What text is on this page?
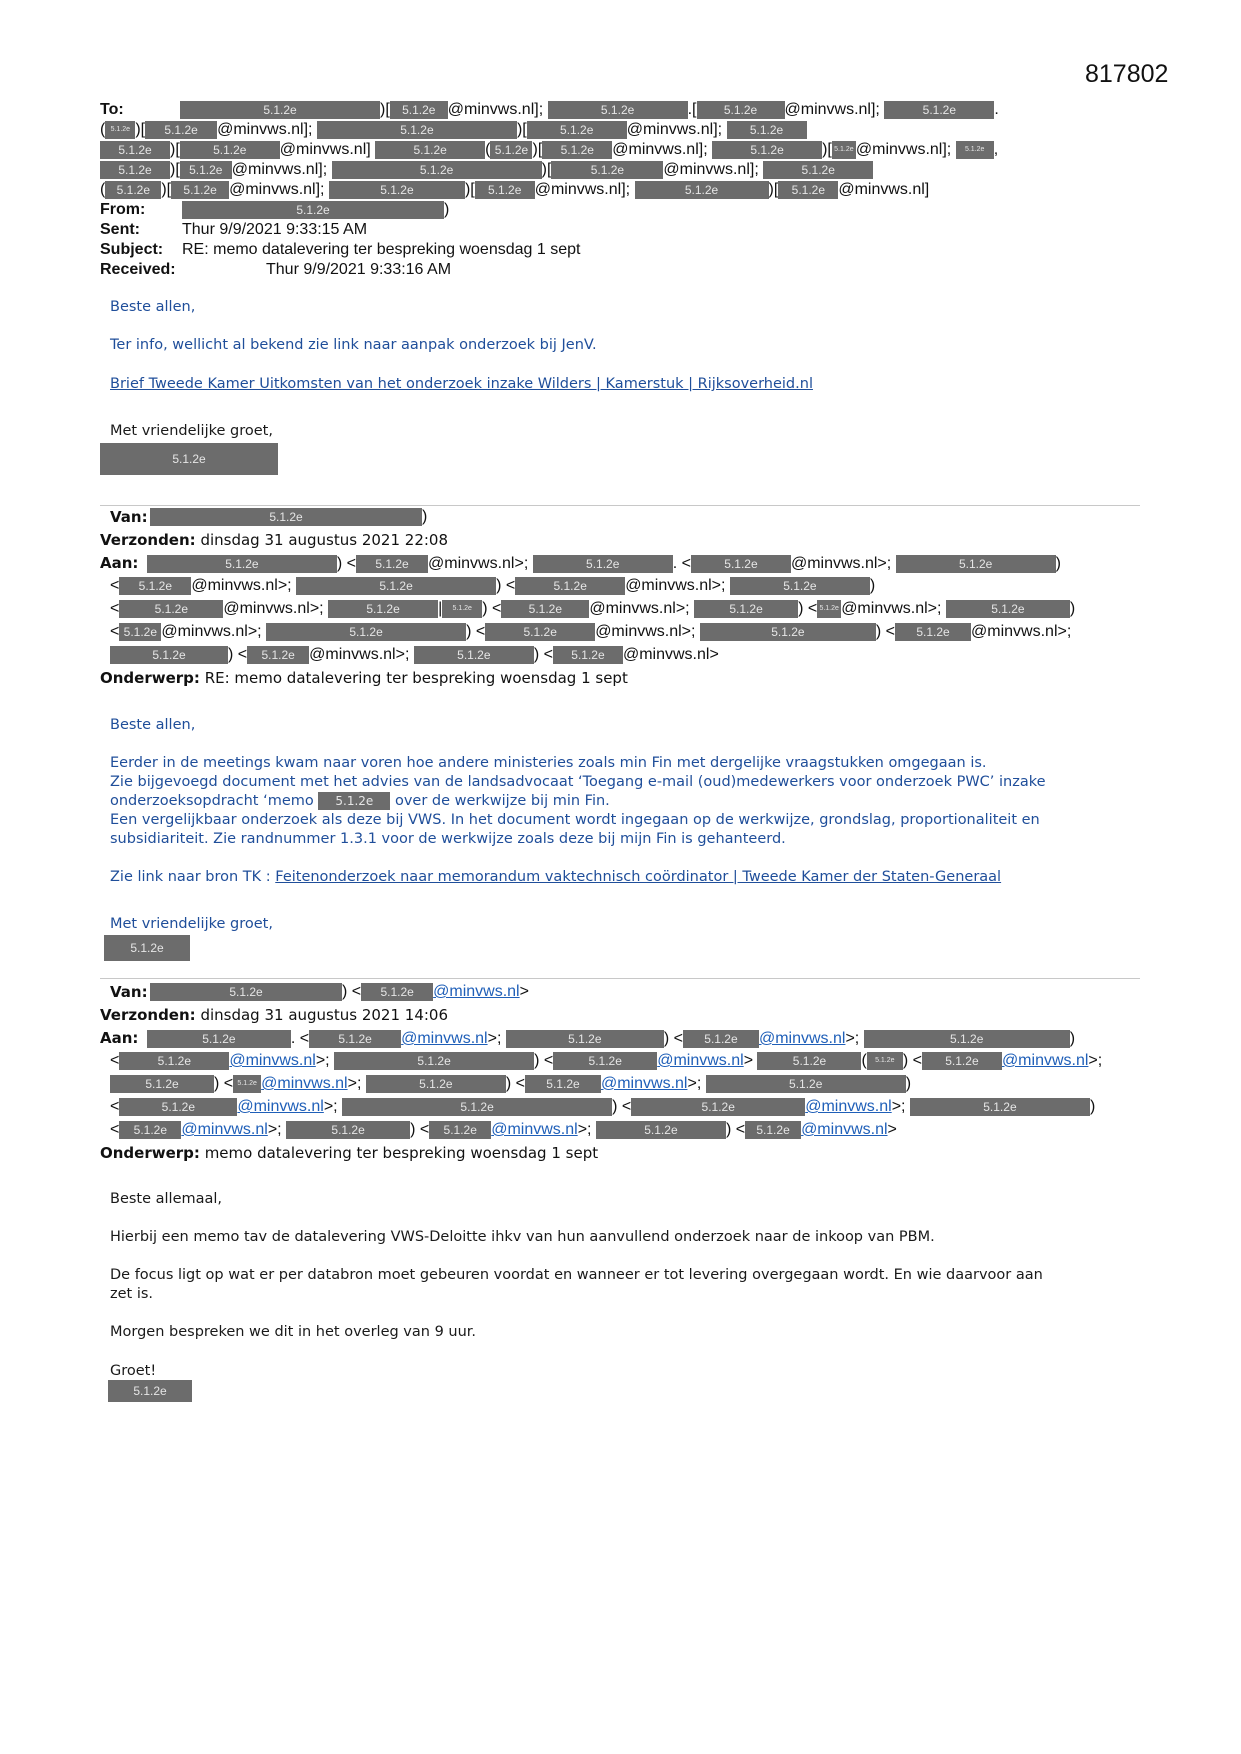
817802
To:	5.1.2e	)[ 5.1.2e @minvws.nl];	5.1.2e	.[ 5.1.2e @minvws.nl];	5.1.2e .
( 5.1.2e )[ 5.1.2e @minvws.nl];	5.1.2e	)[	5.1.2e @minvws.nl]; 5.1.2e
5.1.2e )[	5.1.2e @minvws.nl]	5.1.2e ( 5.1.2e )[ 5.1.2e @minvws.nl];	5.1.2e )[ 5.1.2e @minvws.nl]; 5.1.2e ,
5.1.2e )[ 5.1.2e @minvws.nl];	5.1.2e	)[	5.1.2e @minvws.nl];	5.1.2e
( 5.1.2e )[ 5.1.2e @minvws.nl];	5.1.2e	)[ 5.1.2e @minvws.nl];	5.1.2e	)[ 5.1.2e @minvws.nl]
From:	5.1.2e	)
Sent:	Thur 9/9/2021 9:33:15 AM
Subject: RE: memo datalevering ter bespreking woensdag 1 sept
Received:	Thur 9/9/2021 9:33:16 AM
Beste allen,
Ter info, wellicht al bekend zie link naar aanpak onderzoek bij JenV.
Brief Tweede Kamer Uitkomsten van het onderzoek inzake Wilders | Kamerstuk | Rijksoverheid.nl
Met vriendelijke groet,
5.1.2e
Van:	5.1.2e	)
Verzonden: dinsdag 31 augustus 2021 22:08
Aan:	5.1.2e	) < 5.1.2e @minvws.nl>;	5.1.2e	. <	5.1.2e @minvws.nl>;	5.1.2e	)
< 5.1.2e @minvws.nl>;	5.1.2e	) <	5.1.2e @minvws.nl>;	5.1.2e	)
<	5.1.2e @minvws.nl>;	5.1.2e | 5.1.2e ) < 5.1.2e @minvws.nl>;	5.1.2e ) < 5.1.2e @minvws.nl>;	5.1.2e	)
< 5.1.2e @minvws.nl>;	5.1.2e	) <	5.1.2e @minvws.nl>;	5.1.2e	) < 5.1.2e @minvws.nl>;
5.1.2e	) < 5.1.2e @minvws.nl>;	5.1.2e	) < 5.1.2e @minvws.nl>
Onderwerp: RE: memo datalevering ter bespreking woensdag 1 sept
Beste allen,
Eerder in de meetings kwam naar voren hoe andere ministeries zoals min Fin met dergelijke vraagstukken omgegaan is.
Zie bijgevoegd document met het advies van de landsadvocaat ‘Toegang e-mail (oud)medewerkers voor onderzoek PWC’ inzake
onderzoeksopdracht ‘memo 5.1.2e over de werkwijze bij min Fin.
Een vergelijkbaar onderzoek als deze bij VWS. In het document wordt ingegaan op de werkwijze, grondslag, proportionaliteit en
subsidiariteit. Zie randnummer 1.3.1 voor de werkwijze zoals deze bij mijn Fin is gehanteerd.
Zie link naar bron TK : Feitenonderzoek naar memorandum vaktechnisch coördinator | Tweede Kamer der Staten-Generaal
Met vriendelijke groet,
5.1.2e
Van:	5.1.2e	) < 5.1.2e @minvws.nl>
Verzonden: dinsdag 31 augustus 2021 14:06
Aan:	5.1.2e	. < 5.1.2e @minvws.nl>;	5.1.2e	) < 5.1.2e @minvws.nl>;	5.1.2e	)
<	5.1.2e @minvws.nl>;	5.1.2e	) <	5.1.2e @minvws.nl>	5.1.2e ( 5.1.2e ) < 5.1.2e @minvws.nl>;
5.1.2e ) < 5.1.2e @minvws.nl>;	5.1.2e	) < 5.1.2e @minvws.nl>;	5.1.2e	)
<	5.1.2e	@minvws.nl>;	5.1.2e	) <	5.1.2e	@minvws.nl>;	5.1.2e	)
< 5.1.2e @minvws.nl>;	5.1.2e	) < 5.1.2e @minvws.nl>;	5.1.2e	) < 5.1.2e @minvws.nl>
Onderwerp: memo datalevering ter bespreking woensdag 1 sept
Beste allemaal,
Hierbij een memo tav de datalevering VWS-Deloitte ihkv van hun aanvullend onderzoek naar de inkoop van PBM.
De focus ligt op wat er per databron moet gebeuren voordat en wanneer er tot levering overgegaan wordt. En wie daarvoor aan
zet is.
Morgen bespreken we dit in het overleg van 9 uur.
Groet!
5.1.2e
